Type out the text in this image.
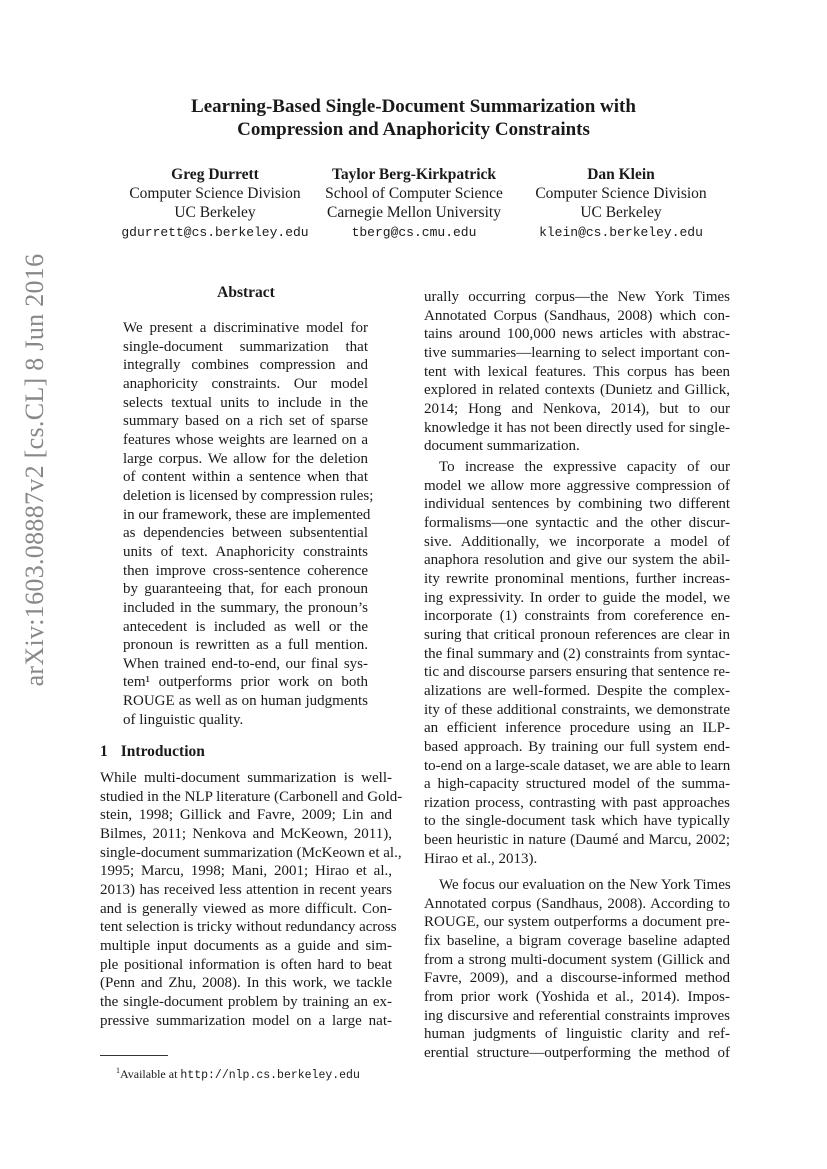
arXiv:1603.08887v2 [cs.CL] 8 Jun 2016
Learning-Based Single-Document Summarization with
Compression and Anaphoricity Constraints
Greg Durrett
Computer Science Division
UC Berkeley
gdurrett@cs.berkeley.edu
Taylor Berg-Kirkpatrick
School of Computer Science
Carnegie Mellon University
tberg@cs.cmu.edu
Dan Klein
Computer Science Division
UC Berkeley
klein@cs.berkeley.edu
Abstract
We present a discriminative model for
single-document summarization that
integrally combines compression and
anaphoricity constraints. Our model
selects textual units to include in the
summary based on a rich set of sparse
features whose weights are learned on a
large corpus. We allow for the deletion
of content within a sentence when that
deletion is licensed by compression rules;
in our framework, these are implemented
as dependencies between subsentential
units of text. Anaphoricity constraints
then improve cross-sentence coherence
by guaranteeing that, for each pronoun
included in the summary, the pronoun’s
antecedent is included as well or the
pronoun is rewritten as a full mention.
When trained end-to-end, our final sys-
tem¹ outperforms prior work on both
ROUGE as well as on human judgments
of linguistic quality.
1 Introduction
While multi-document summarization is well-
studied in the NLP literature (Carbonell and Gold-
stein, 1998; Gillick and Favre, 2009; Lin and
Bilmes, 2011; Nenkova and McKeown, 2011),
single-document summarization (McKeown et al.,
1995; Marcu, 1998; Mani, 2001; Hirao et al.,
2013) has received less attention in recent years
and is generally viewed as more difficult. Con-
tent selection is tricky without redundancy across
multiple input documents as a guide and sim-
ple positional information is often hard to beat
(Penn and Zhu, 2008). In this work, we tackle
the single-document problem by training an ex-
pressive summarization model on a large nat-
$^1$Available at http://nlp.cs.berkeley.edu
urally occurring corpus—the New York Times
Annotated Corpus (Sandhaus, 2008) which con-
tains around 100,000 news articles with abstrac-
tive summaries—learning to select important con-
tent with lexical features. This corpus has been
explored in related contexts (Dunietz and Gillick,
2014; Hong and Nenkova, 2014), but to our
knowledge it has not been directly used for single-
document summarization.
To increase the expressive capacity of our
model we allow more aggressive compression of
individual sentences by combining two different
formalisms—one syntactic and the other discur-
sive. Additionally, we incorporate a model of
anaphora resolution and give our system the abil-
ity rewrite pronominal mentions, further increas-
ing expressivity. In order to guide the model, we
incorporate (1) constraints from coreference en-
suring that critical pronoun references are clear in
the final summary and (2) constraints from syntac-
tic and discourse parsers ensuring that sentence re-
alizations are well-formed. Despite the complex-
ity of these additional constraints, we demonstrate
an efficient inference procedure using an ILP-
based approach. By training our full system end-
to-end on a large-scale dataset, we are able to learn
a high-capacity structured model of the summa-
rization process, contrasting with past approaches
to the single-document task which have typically
been heuristic in nature (Daumé and Marcu, 2002;
Hirao et al., 2013).
We focus our evaluation on the New York Times
Annotated corpus (Sandhaus, 2008). According to
ROUGE, our system outperforms a document pre-
fix baseline, a bigram coverage baseline adapted
from a strong multi-document system (Gillick and
Favre, 2009), and a discourse-informed method
from prior work (Yoshida et al., 2014). Impos-
ing discursive and referential constraints improves
human judgments of linguistic clarity and ref-
erential structure—outperforming the method of
